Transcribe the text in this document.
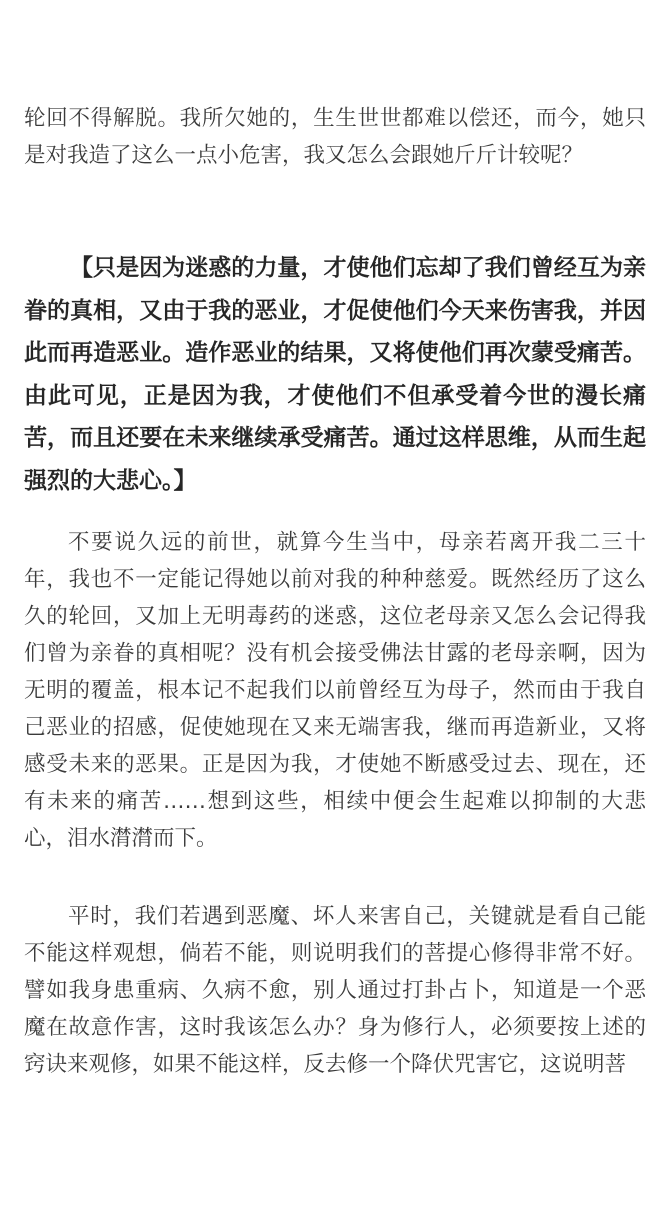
轮回不得解脱。我所欠她的，生生世世都难以偿还，而今，她只是对我造了这么一点小危害，我又怎么会跟她斤斤计较呢？

【只是因为迷惑的力量，才使他们忘却了我们曾经互为亲眷的真相，又由于我的恶业，才促使他们今天来伤害我，并因此而再造恶业。造作恶业的结果，又将使他们再次蒙受痛苦。由此可见，正是因为我，才使他们不但承受着今世的漫长痛苦，而且还要在未来继续承受痛苦。通过这样思维，从而生起强烈的大悲心。】

不要说久远的前世，就算今生当中，母亲若离开我二三十年，我也不一定能记得她以前对我的种种慈爱。既然经历了这么久的轮回，又加上无明毒药的迷惑，这位老母亲又怎么会记得我们曾为亲眷的真相呢？没有机会接受佛法甘露的老母亲啊，因为无明的覆盖，根本记不起我们以前曾经互为母子，然而由于我自己恶业的招感，促使她现在又来无端害我，继而再造新业，又将感受未来的恶果。正是因为我，才使她不断感受过去、现在，还有未来的痛苦……想到这些，相续中便会生起难以抑制的大悲心，泪水潸潸而下。

平时，我们若遇到恶魔、坏人来害自己，关键就是看自己能不能这样观想，倘若不能，则说明我们的菩提心修得非常不好。譬如我身患重病、久病不愈，别人通过打卦占卜，知道是一个恶魔在故意作害，这时我该怎么办？身为修行人，必须要按上述的窍诀来观修，如果不能这样，反去修一个降伏咒害它，这说明菩
